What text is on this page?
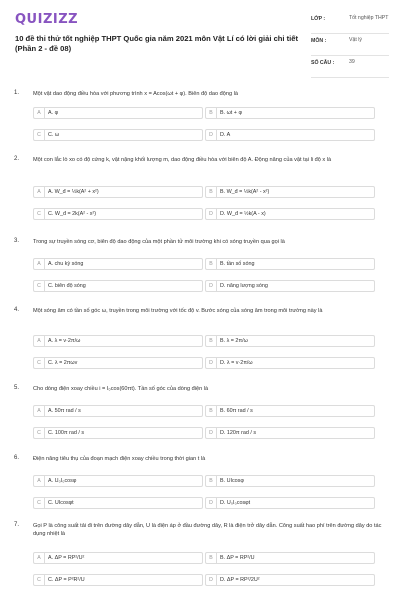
QUIZIZZ
10 đề thi thử tốt nghiệp THPT Quốc gia năm 2021 môn Vật Lí có lời giải chi tiết (Phần 2 - đề 08)
LỚP :	Tốt nghiệp THPT
MÔN :	Vật lý
SỐ CÂU :	39
1. Một vật dao động điều hòa với phương trình x = Acos(ωt + φ). Biên độ dao động là
A	A. φ	B	B. ωt + φ
C	C. ω	D	D. A
2. Một con lắc lò xo có độ cứng k, vật nặng khối lượng m, dao động điều hòa với biên độ A. Động năng của vật tại li độ x là
A	A. W_đ = ½k(A² + x²)	B	B. W_đ = ½k(A² - x²)
C	C. W_đ = 2k(A² - x²)	D	D. W_đ = ½k(A - x)
3. Trong sự truyền sóng cơ, biên độ dao động của một phần tử môi trường khi có sóng truyền qua gọi là
A	A. chu kỳ sóng	B	B. tần số sóng
C	C. biên độ sóng	D	D. năng lượng sóng
4. Một sóng âm có tần số góc ω, truyền trong môi trường với tốc độ v. Bước sóng của sóng âm trong môi trường này là
A	A. λ = v·2π/ω	B	B. λ = 2π/ω
C	C. λ = 2πωv	D	D. λ = v·2π/ω
5. Cho dòng điện xoay chiều i = I₀cos(60πt). Tần số góc của dòng điện là
A	A. 50π rad / s	B	B. 60π rad / s
C	C. 100π rad / s	D	D. 120π rad / s
6. Điện năng tiêu thụ của đoạn mạch điện xoay chiều trong thời gian t là
A	A. U₀I₀cosφ	B	B. UIcosφ
C	C. UIcosφt	D	D. U₀I₀cosφt
7. Gọi P là công suất tải đi trên đường dây dẫn, U là điện áp ở đầu đường dây, R là điện trở dây dẫn. Công suất hao phí trên đường dây do tác dụng nhiệt là
A	A. ΔP = RP²/U²	B	B. ΔP = RP²/U
C	C. ΔP = P²R²/U	D	D. ΔP = RP²/2U²
